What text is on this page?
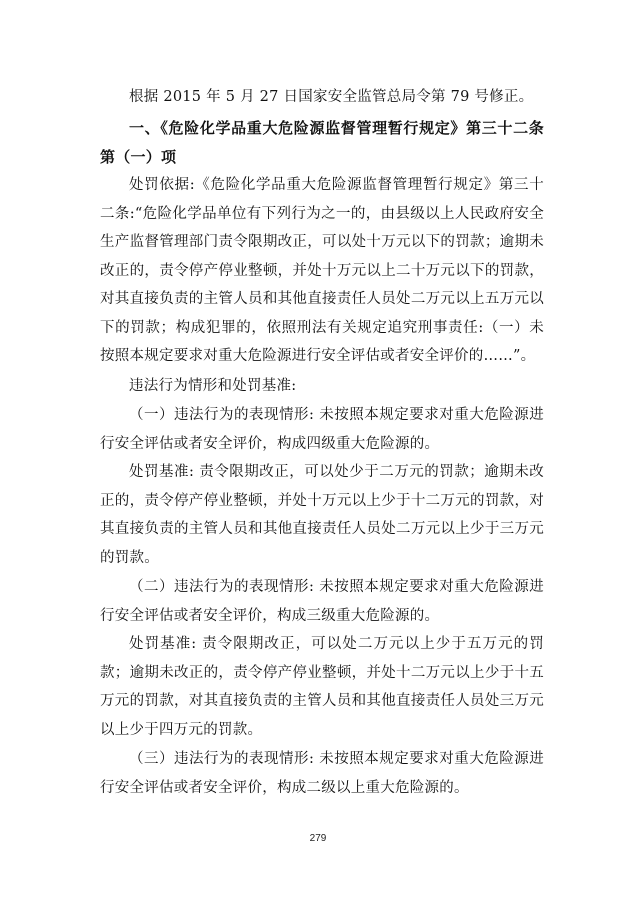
根据 2015 年 5 月 27 日国家安全监管总局令第 79 号修正。

一、《危险化学品重大危险源监督管理暂行规定》第三十二条第（一）项

处罚依据:《危险化学品重大危险源监督管理暂行规定》第三十二条:“危险化学品单位有下列行为之一的，由县级以上人民政府安全生产监督管理部门责令限期改正，可以处十万元以下的罚款；逾期未改正的，责令停产停业整顿，并处十万元以上二十万元以下的罚款，对其直接负责的主管人员和其他直接责任人员处二万元以上五万元以下的罚款；构成犯罪的，依照刑法有关规定追究刑事责任:（一）未按照本规定要求对重大危险源进行安全评估或者安全评价的……”。

违法行为情形和处罚基准:

（一）违法行为的表现情形: 未按照本规定要求对重大危险源进行安全评估或者安全评价，构成四级重大危险源的。

处罚基准: 责令限期改正，可以处少于二万元的罚款；逾期未改正的，责令停产停业整顿，并处十万元以上少于十二万元的罚款，对其直接负责的主管人员和其他直接责任人员处二万元以上少于三万元的罚款。

（二）违法行为的表现情形: 未按照本规定要求对重大危险源进行安全评估或者安全评价，构成三级重大危险源的。

处罚基准: 责令限期改正，可以处二万元以上少于五万元的罚款；逾期未改正的，责令停产停业整顿，并处十二万元以上少于十五万元的罚款，对其直接负责的主管人员和其他直接责任人员处三万元以上少于四万元的罚款。

（三）违法行为的表现情形: 未按照本规定要求对重大危险源进行安全评估或者安全评价，构成二级以上重大危险源的。

279
